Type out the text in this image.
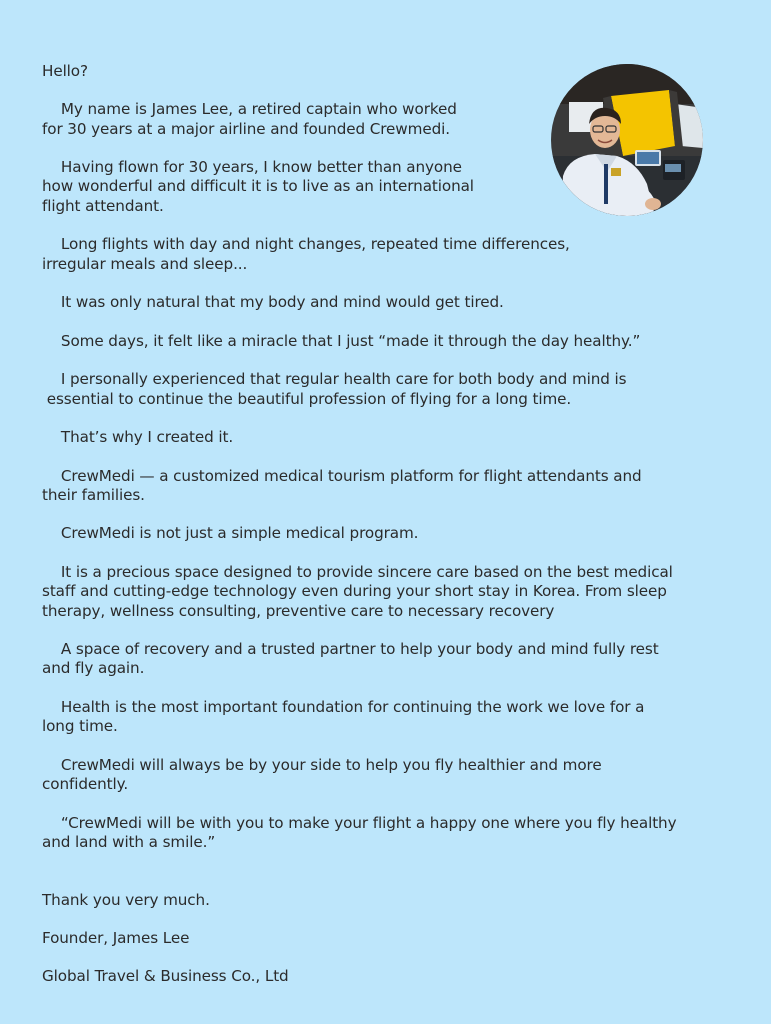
Hello?

My name is James Lee, a retired captain who worked

for 30 years at a major airline and founded Crewmedi.

Having flown for 30 years, I know better than anyone

how wonderful and difficult it is to live as an international

flight attendant.

Long flights with day and night changes, repeated time differences,

irregular meals and sleep...

It was only natural that my body and mind would get tired.

Some days, it felt like a miracle that I just “made it through the day healthy.”

I personally experienced that regular health care for both body and mind is

essential to continue the beautiful profession of flying for a long time.

That’s why I created it.

CrewMedi — a customized medical tourism platform for flight attendants and

their families.

CrewMedi is not just a simple medical program.

It is a precious space designed to provide sincere care based on the best medical

staff and cutting-edge technology even during your short stay in Korea. From sleep

therapy, wellness consulting, preventive care to necessary recovery

A space of recovery and a trusted partner to help your body and mind fully rest

and fly again.

Health is the most important foundation for continuing the work we love for a

long time.

CrewMedi will always be by your side to help you fly healthier and more

confidently.

“CrewMedi will be with you to make your flight a happy one where you fly healthy

and land with a smile.”

Thank you very much.

Founder, James Lee

Global Travel & Business Co., Ltd
